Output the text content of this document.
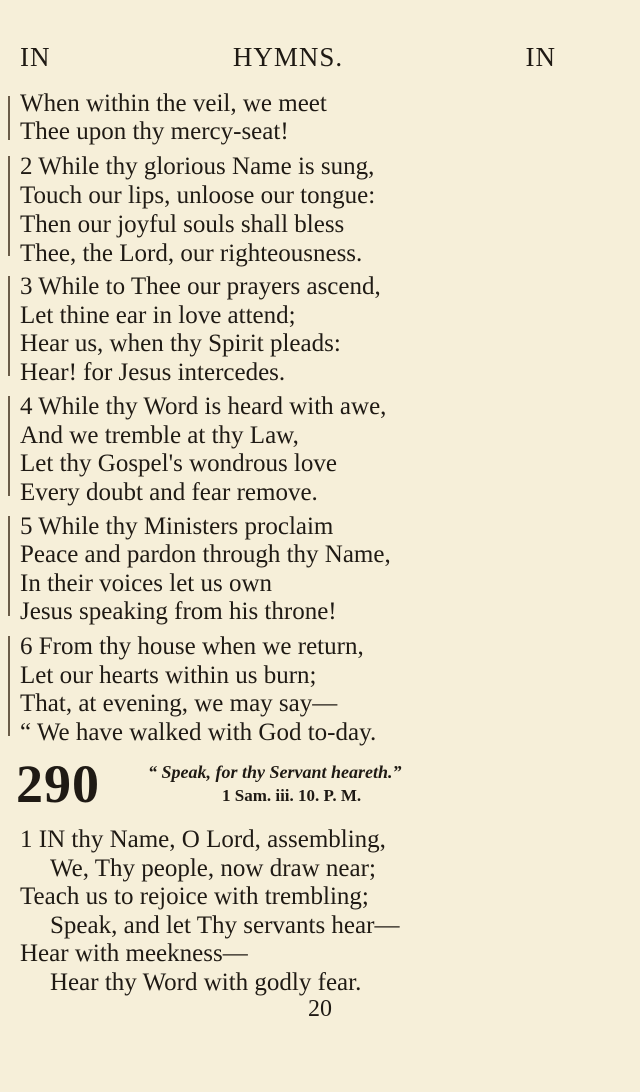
IN	HYMNS.	IN
When within the veil, we meet
Thee upon thy mercy-seat!
2 While thy glorious Name is sung,
Touch our lips, unloose our tongue:
Then our joyful souls shall bless
Thee, the Lord, our righteousness.
3 While to Thee our prayers ascend,
Let thine ear in love attend;
Hear us, when thy Spirit pleads:
Hear! for Jesus intercedes.
4 While thy Word is heard with awe,
And we tremble at thy Law,
Let thy Gospel's wondrous love
Every doubt and fear remove.
5 While thy Ministers proclaim
Peace and pardon through thy Name,
In their voices let us own
Jesus speaking from his throne!
6 From thy house when we return,
Let our hearts within us burn;
That, at evening, we may say—
“ We have walked with God to-day.
290	“ Speak, for thy Servant heareth.”
1 Sam. iii. 10. P. M.
1 IN thy Name, O Lord, assembling,
We, Thy people, now draw near;
Teach us to rejoice with trembling;
Speak, and let Thy servants hear—
Hear with meekness—
Hear thy Word with godly fear.
20
